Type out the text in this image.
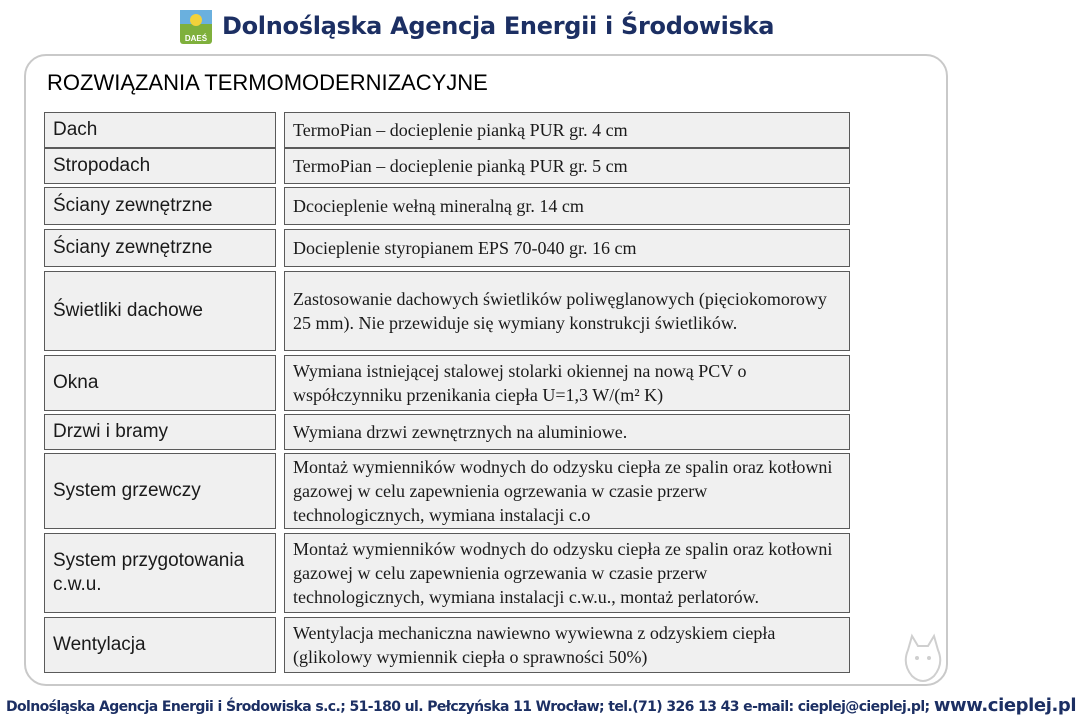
DAEŚ Dolnośląska Agencja Energii i Środowiska
ROZWIĄZANIA TERMOMODERNIZACYJNE
Dach
Stropodach
Ściany zewnętrzne
Ściany zewnętrzne
Świetliki dachowe
Okna
Drzwi i bramy
System grzewczy
System przygotowania c.w.u.
Wentylacja
TermoPian – docieplenie pianką PUR gr. 4 cm
TermoPian – docieplenie pianką PUR gr. 5 cm
Dcocieplenie wełną mineralną gr. 14 cm
Docieplenie styropianem EPS 70-040 gr. 16 cm
Zastosowanie dachowych świetlików poliwęglanowych (pięciokomorowy 25 mm). Nie przewiduje się wymiany konstrukcji świetlików.
Wymiana istniejącej stalowej stolarki okiennej na nową PCV o współczynniku przenikania ciepła U=1,3 W/(m² K)
Wymiana drzwi zewnętrznych na aluminiowe.
Montaż wymienników wodnych do odzysku ciepła ze spalin oraz kotłowni gazowej w celu zapewnienia ogrzewania w czasie przerw technologicznych, wymiana instalacji c.o
Montaż wymienników wodnych do odzysku ciepła ze spalin oraz kotłowni gazowej w celu zapewnienia ogrzewania w czasie przerw technologicznych, wymiana instalacji c.w.u., montaż perlatorów.
Wentylacja mechaniczna nawiewno wywiewna z odzyskiem ciepła (glikolowy wymiennik ciepła o sprawności 50%)
Dolnośląska Agencja Energii i Środowiska s.c.; 51-180 ul. Pełczyńska 11 Wrocław; tel.(71) 326 13 43 e-mail: cieplej@cieplej.pl; www.cieplej.pl
